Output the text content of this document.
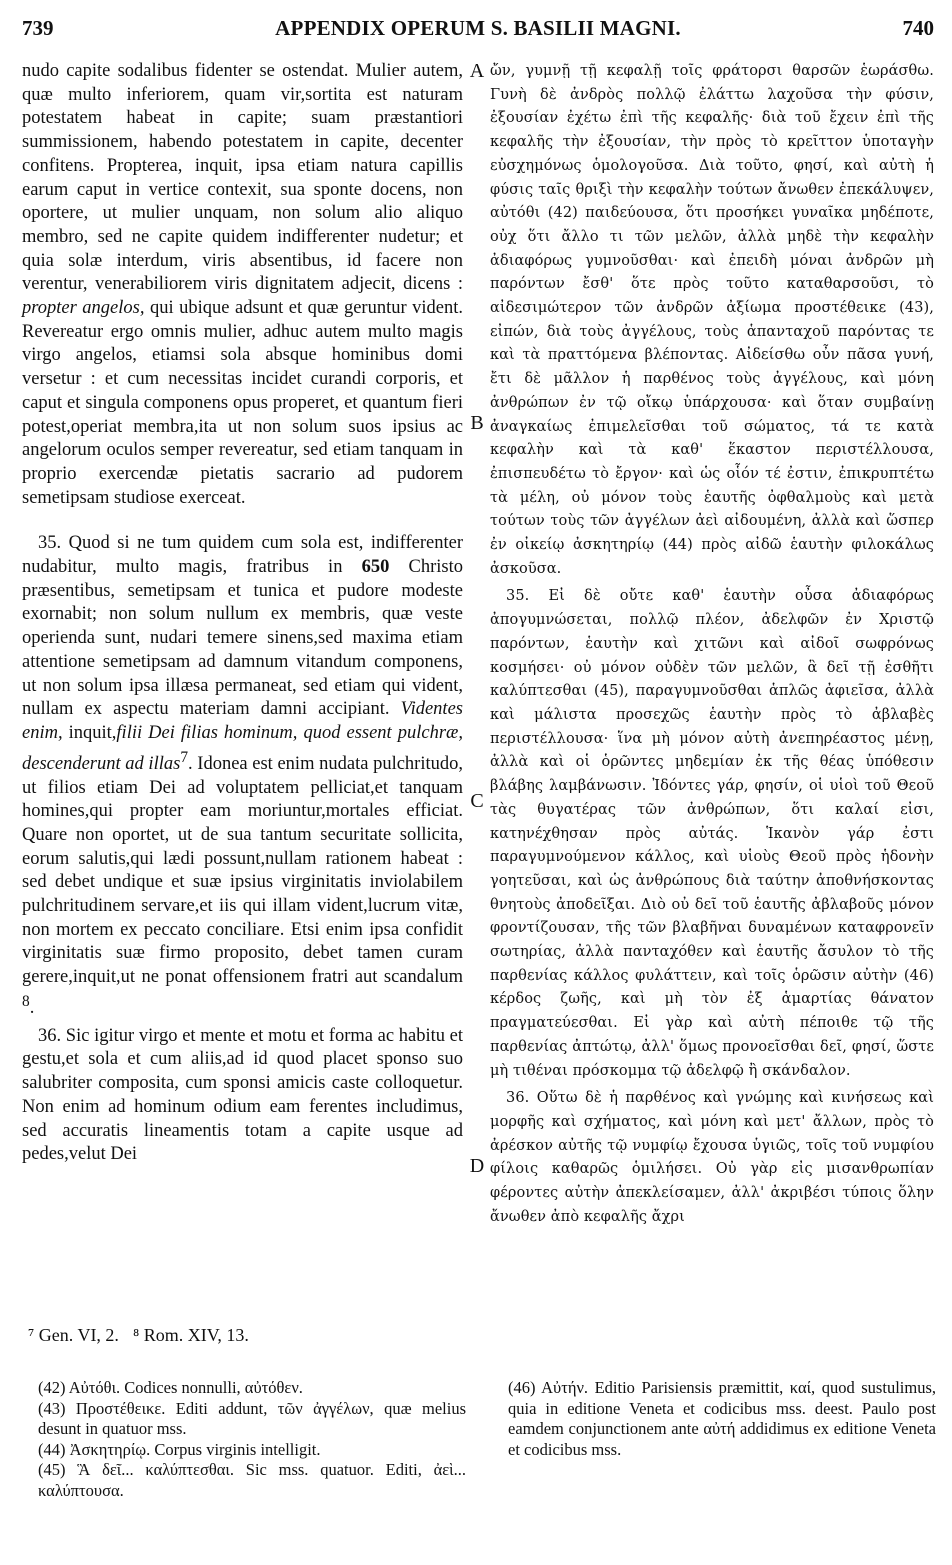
739	APPENDIX OPERUM S. BASILII MAGNI.	740

nudo capite sodalibus fidenter se ostendat. Mulier autem, quæ multo inferiorem, quam vir,sortita est naturam potestatem habeat in capite; suam præstantiori summissionem, habendo potestatem in capite, decenter confitens. Propterea, inquit, ipsa etiam natura capillis earum caput in vertice contexit, sua sponte docens, non oportere, ut mulier unquam, non solum alio aliquo membro, sed ne capite quidem indifferenter nudetur; et quia solæ interdum, viris absentibus, id facere non verentur, venerabiliorem viris dignitatem adjecit, dicens : propter angelos, qui ubique adsunt et quæ geruntur vident. Revereatur ergo omnis mulier, adhuc autem multo magis virgo angelos, etiamsi sola absque hominibus domi versetur : et cum necessitas incidet curandi corporis, et caput et singula componens opus properet, et quantum fieri potest,operiat membra,ita ut non solum suos ipsius ac angelorum oculos semper revereatur, sed etiam tanquam in proprio exercendæ pietatis sacrario ad pudorem semetipsam studiose exerceat.

35. Quod si ne tum quidem cum sola est, indifferenter nudabitur, multo magis, fratribus in 650 Christo præsentibus, semetipsam et tunica et pudore modeste exornabit; non solum nullum ex membris, quæ veste operienda sunt, nudari temere sinens,sed maxima etiam attentione semetipsam ad damnum vitandum componens, ut non solum ipsa illæsa permaneat, sed etiam qui vident, nullam ex aspectu materiam damni accipiant. Videntes enim, inquit,filii Dei filias hominum, quod essent pulchræ, descenderunt ad illas$^7$. Idonea est enim nudata pulchritudo, ut filios etiam Dei ad voluptatem pelliciat,et tanquam homines,qui propter eam moriuntur,mortales efficiat. Quare non oportet, ut de sua tantum securitate sollicita, eorum salutis,qui lædi possunt,nullam rationem habeat : sed debet undique et suæ ipsius virginitatis inviolabilem pulchritudinem servare,et iis qui illam vident,lucrum vitæ, non mortem ex peccato conciliare. Etsi enim ipsa confidit virginitatis suæ firmo proposito, debet tamen curam gerere,inquit,ut ne ponat offensionem fratri aut scandalum $^8$.

36. Sic igitur virgo et mente et motu et forma ac habitu et gestu,et sola et cum aliis,ad id quod placet sponso suo salubriter composita, cum sponsi amicis caste colloquetur. Non enim ad hominum odium eam ferentes includimus, sed accuratis lineamentis totam a capite usque ad pedes,velut Dei

A
B
C
D

ὤν, γυμνῇ τῇ κεφαλῇ τοῖς φράτορσι θαρσῶν ἑωράσθω. Γυνὴ δὲ ἀνδρὸς πολλῷ ἐλάττω λαχοῦσα τὴν φύσιν, ἐξουσίαν ἐχέτω ἐπὶ τῆς κεφαλῆς· διὰ τοῦ ἔχειν ἐπὶ τῆς κεφαλῆς τὴν ἐξουσίαν, τὴν πρὸς τὸ κρεῖττον ὑποταγὴν εὐσχημόνως ὁμολογοῦσα. Διὰ τοῦτο, φησί, καὶ αὐτὴ ἡ φύσις ταῖς θριξὶ τὴν κεφαλὴν τούτων ἄνωθεν ἐπεκάλυψεν, αὐτόθι (42) παιδεύουσα, ὅτι προσήκει γυναῖκα μηδέποτε, οὐχ ὅτι ἄλλο τι τῶν μελῶν, ἀλλὰ μηδὲ τὴν κεφαλὴν ἀδιαφόρως γυμνοῦσθαι· καὶ ἐπειδὴ μόναι ἀνδρῶν μὴ παρόντων ἔσθ' ὅτε πρὸς τοῦτο καταθαρσοῦσι, τὸ αἰδεσιμώτερον τῶν ἀνδρῶν ἀξίωμα προστέθεικε (43), εἰπών, διὰ τοὺς ἀγγέλους, τοὺς ἁπανταχοῦ παρόντας τε καὶ τὰ πραττόμενα βλέποντας. Αἰδείσθω οὖν πᾶσα γυνή, ἔτι δὲ μᾶλλον ἡ παρθένος τοὺς ἀγγέλους, καὶ μόνη ἀνθρώπων ἐν τῷ οἴκῳ ὑπάρχουσα· καὶ ὅταν συμβαίνῃ ἀναγκαίως ἐπιμελεῖσθαι τοῦ σώματος, τά τε κατὰ κεφαλὴν καὶ τὰ καθ' ἕκαστον περιστέλλουσα, ἐπισπευδέτω τὸ ἔργον· καὶ ὡς οἷόν τέ ἐστιν, ἐπικρυπτέτω τὰ μέλη, οὐ μόνον τοὺς ἑαυτῆς ὀφθαλμοὺς καὶ μετὰ τούτων τοὺς τῶν ἀγγέλων ἀεὶ αἰδουμένη, ἀλλὰ καὶ ὥσπερ ἐν οἰκείῳ ἀσκητηρίῳ (44) πρὸς αἰδῶ ἑαυτὴν φιλοκάλως ἀσκοῦσα.

35. Εἰ δὲ οὔτε καθ' ἑαυτὴν οὖσα ἀδιαφόρως ἀπογυμνώσεται, πολλῷ πλέον, ἀδελφῶν ἐν Χριστῷ παρόντων, ἑαυτὴν καὶ χιτῶνι καὶ αἰδοῖ σωφρόνως κοσμήσει· οὐ μόνον οὐδὲν τῶν μελῶν, ἃ δεῖ τῇ ἐσθῆτι καλύπτεσθαι (45), παραγυμνοῦσθαι ἁπλῶς ἀφιεῖσα, ἀλλὰ καὶ μάλιστα προσεχῶς ἑαυτὴν πρὸς τὸ ἀβλαβὲς περιστέλλουσα· ἵνα μὴ μόνον αὐτὴ ἀνεπηρέαστος μένῃ, ἀλλὰ καὶ οἱ ὁρῶντες μηδεμίαν ἐκ τῆς θέας ὑπόθεσιν βλάβης λαμβάνωσιν. Ἰδόντες γάρ, φησίν, οἱ υἱοὶ τοῦ Θεοῦ τὰς θυγατέρας τῶν ἀνθρώπων, ὅτι καλαί εἰσι, κατηνέχθησαν πρὸς αὐτάς. Ἱκανὸν γάρ ἐστι παραγυμνούμενον κάλλος, καὶ υἱοὺς Θεοῦ πρὸς ἡδονὴν γοητεῦσαι, καὶ ὡς ἀνθρώπους διὰ ταύτην ἀποθνήσκοντας θνητοὺς ἀποδεῖξαι. Διὸ οὐ δεῖ τοῦ ἑαυτῆς ἀβλαβοῦς μόνον φροντίζουσαν, τῆς τῶν βλαβῆναι δυναμένων καταφρονεῖν σωτηρίας, ἀλλὰ πανταχόθεν καὶ ἑαυτῆς ἄσυλον τὸ τῆς παρθενίας κάλλος φυλάττειν, καὶ τοῖς ὁρῶσιν αὐτὴν (46) κέρδος ζωῆς, καὶ μὴ τὸν ἐξ ἁμαρτίας θάνατον πραγματεύεσθαι. Εἰ γὰρ καὶ αὐτὴ πέποιθε τῷ τῆς παρθενίας ἀπτώτῳ, ἀλλ' ὅμως προνοεῖσθαι δεῖ, φησί, ὥστε μὴ τιθέναι πρόσκομμα τῷ ἀδελφῷ ἢ σκάνδαλον.

36. Οὕτω δὲ ἡ παρθένος καὶ γνώμης καὶ κινήσεως καὶ μορφῆς καὶ σχήματος, καὶ μόνη καὶ μετ' ἄλλων, πρὸς τὸ ἀρέσκον αὐτῆς τῷ νυμφίῳ ἔχουσα ὑγιῶς, τοῖς τοῦ νυμφίου φίλοις καθαρῶς ὁμιλήσει. Οὐ γὰρ εἰς μισανθρωπίαν φέροντες αὐτὴν ἀπεκλείσαμεν, ἀλλ' ἀκριβέσι τύποις ὅλην ἄνωθεν ἀπὸ κεφαλῆς ἄχρι

⁷ Gen. VI, 2. ⁸ Rom. XIV, 13.

(42) Αὐτόθι. Codices nonnulli, αὐτόθεν.

(43) Προστέθεικε. Editi addunt, τῶν ἀγγέλων, quæ melius desunt in quatuor mss.

(44) Ἀσκητηρίῳ. Corpus virginis intelligit.

(45) Ἃ δεῖ... καλύπτεσθαι. Sic mss. quatuor. Editi, ἀεὶ... καλύπτουσα.

(46) Αὐτήν. Editio Parisiensis præmittit, καί, quod sustulimus, quia in editione Veneta et codicibus mss. deest. Paulo post eamdem conjunctionem ante αὐτή addidimus ex editione Veneta et codicibus mss.
